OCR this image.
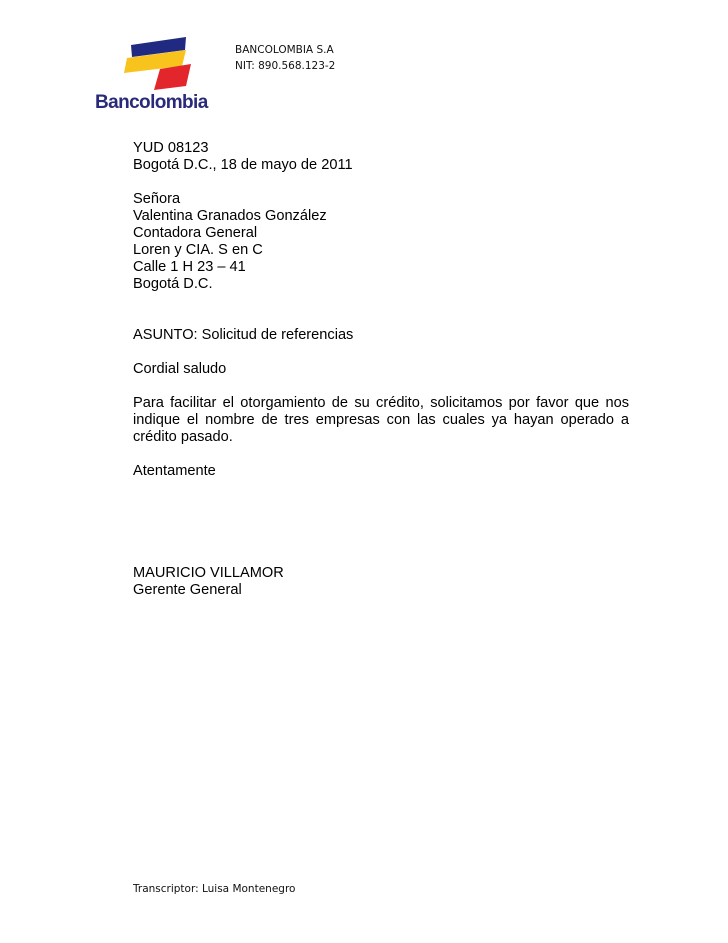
Bancolombia
BANCOLOMBIA S.A
NIT: 890.568.123-2
YUD 08123
Bogotá D.C., 18 de mayo de 2011
Señora
Valentina Granados González
Contadora General
Loren y CIA. S en C
Calle 1 H 23 – 41
Bogotá D.C.
ASUNTO: Solicitud de referencias
Cordial saludo
Para facilitar el otorgamiento de su crédito, solicitamos por favor que nos indique el nombre de tres empresas con las cuales ya hayan operado a crédito pasado.
Atentamente
MAURICIO VILLAMOR
Gerente General
Transcriptor: Luisa Montenegro
